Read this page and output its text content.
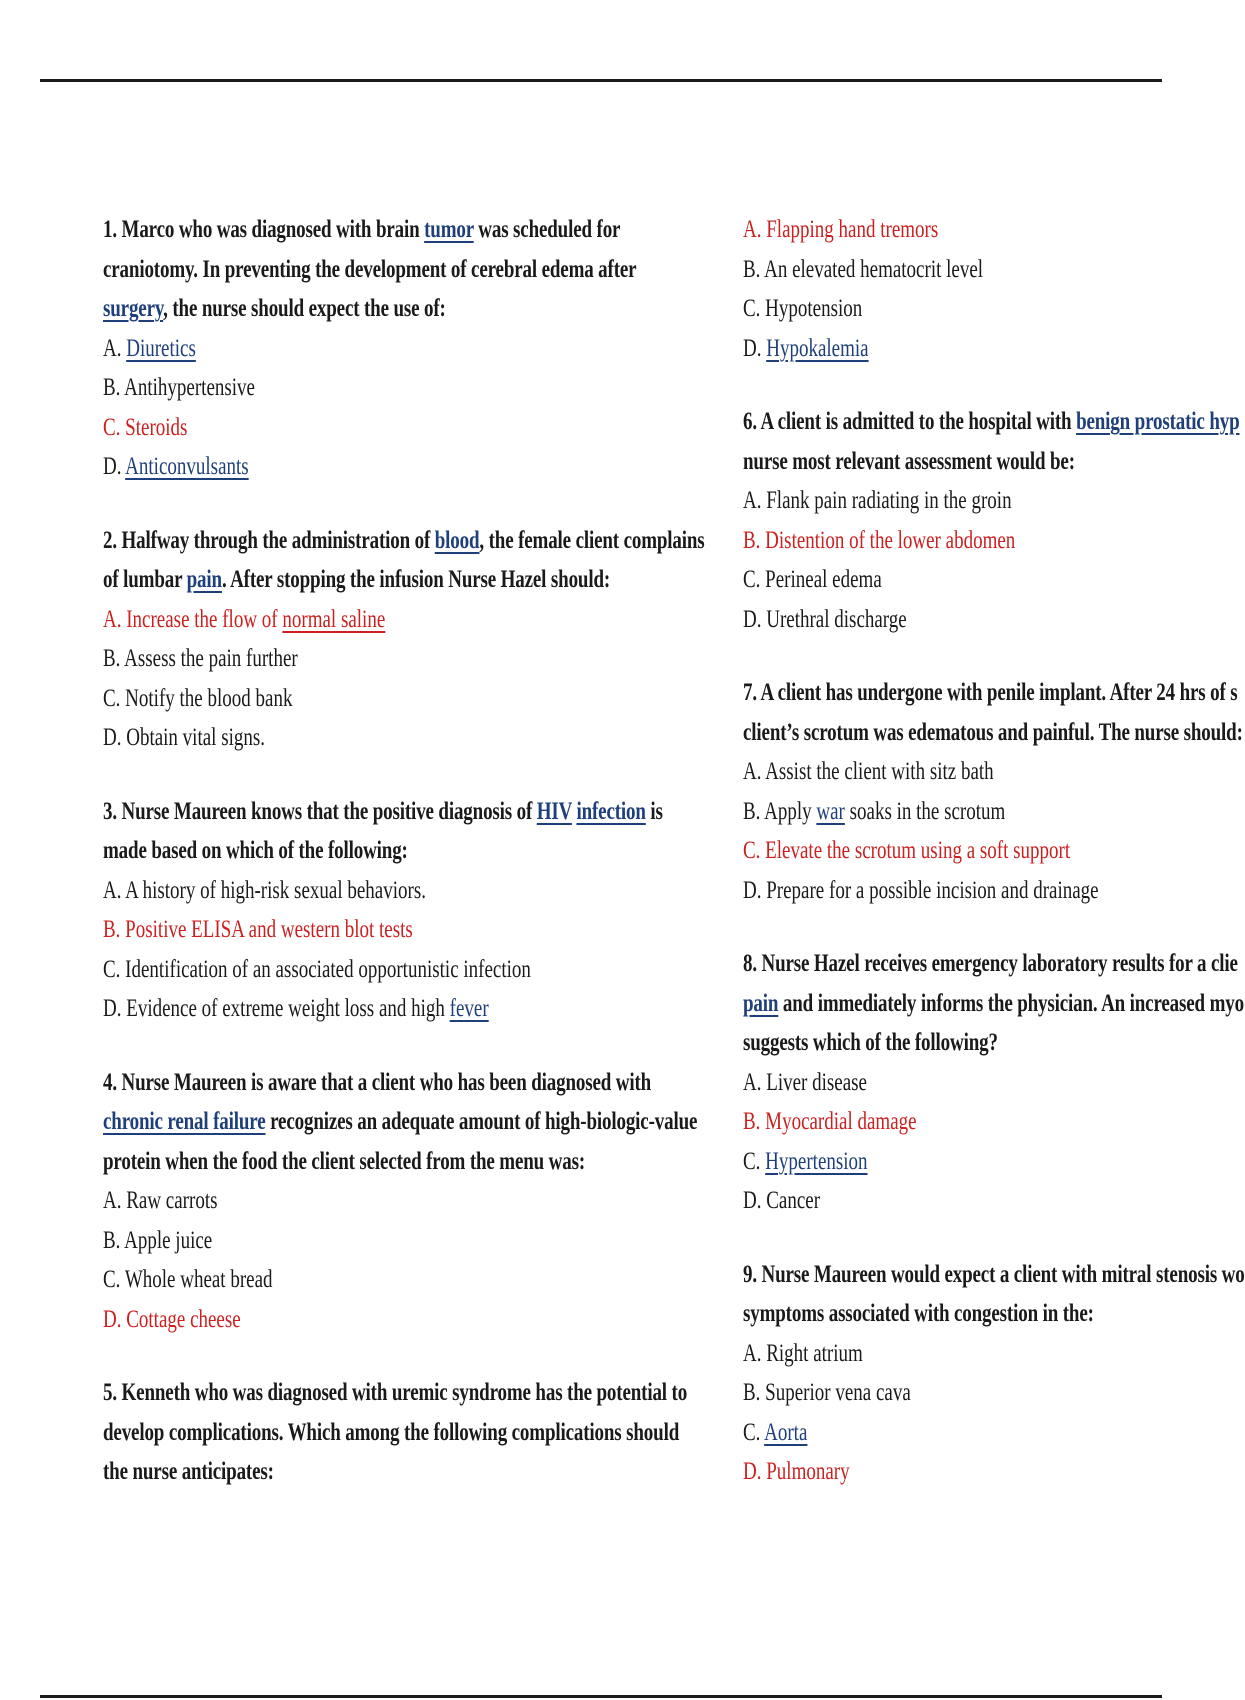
1. Marco who was diagnosed with brain tumor was scheduled for craniotomy. In preventing the development of cerebral edema after surgery, the nurse should expect the use of:
A. Diuretics
B. Antihypertensive
C. Steroids
D. Anticonvulsants
2. Halfway through the administration of blood, the female client complains of lumbar pain. After stopping the infusion Nurse Hazel should:
A. Increase the flow of normal saline
B. Assess the pain further
C. Notify the blood bank
D. Obtain vital signs.
3. Nurse Maureen knows that the positive diagnosis of HIV infection is made based on which of the following:
A. A history of high-risk sexual behaviors.
B. Positive ELISA and western blot tests
C. Identification of an associated opportunistic infection
D. Evidence of extreme weight loss and high fever
4. Nurse Maureen is aware that a client who has been diagnosed with chronic renal failure recognizes an adequate amount of high-biologic-value protein when the food the client selected from the menu was:
A. Raw carrots
B. Apple juice
C. Whole wheat bread
D. Cottage cheese
5. Kenneth who was diagnosed with uremic syndrome has the potential to develop complications. Which among the following complications should the nurse anticipates:
A. Flapping hand tremors
B. An elevated hematocrit level
C. Hypotension
D. Hypokalemia
6. A client is admitted to the hospital with benign prostatic hyp
nurse most relevant assessment would be:
A. Flank pain radiating in the groin
B. Distention of the lower abdomen
C. Perineal edema
D. Urethral discharge
7. A client has undergone with penile implant. After 24 hrs of s
client’s scrotum was edematous and painful. The nurse should:
A. Assist the client with sitz bath
B. Apply war soaks in the scrotum
C. Elevate the scrotum using a soft support
D. Prepare for a possible incision and drainage
8. Nurse Hazel receives emergency laboratory results for a clie
pain and immediately informs the physician. An increased myo
suggests which of the following?
A. Liver disease
B. Myocardial damage
C. Hypertension
D. Cancer
9. Nurse Maureen would expect a client with mitral stenosis wo
symptoms associated with congestion in the:
A. Right atrium
B. Superior vena cava
C. Aorta
D. Pulmonary
